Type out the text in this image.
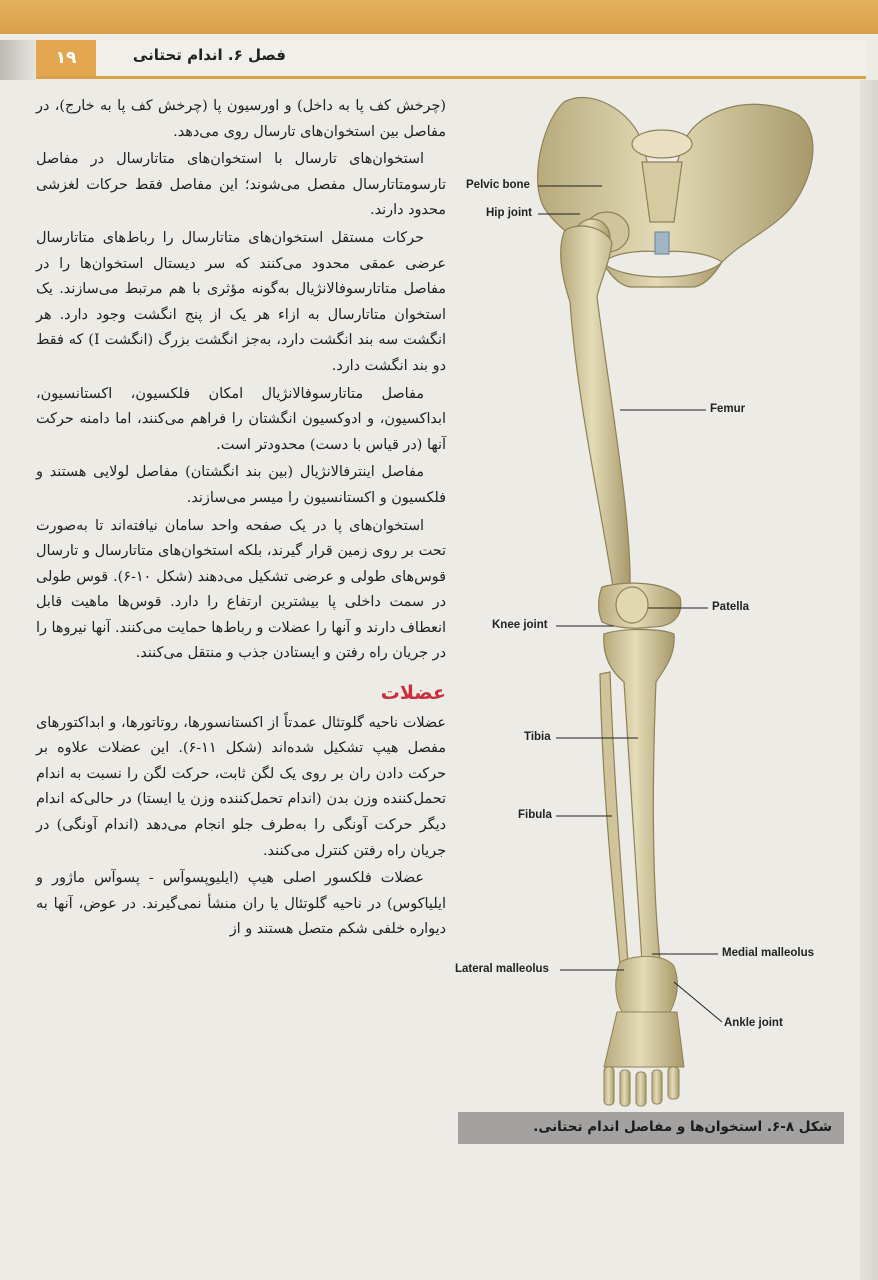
۱۹	فصل ۶. اندام تحتانی

(چرخش کف پا به داخل) و اورسیون پا (چرخش کف پا به خارج)، در مفاصل بین استخوان‌های تارسال روی می‌دهد.

استخوان‌های تارسال با استخوان‌های متاتارسال در مفاصل تارسومتاتارسال مفصل می‌شوند؛ این مفاصل فقط حرکات لغزشی محدود دارند.

حرکات مستقل استخوان‌های متاتارسال را رباط‌های متاتارسال عرضی عمقی محدود می‌کنند که سر دیستال استخوان‌ها را در مفاصل متاتارسوفالانژیال به‌گونه مؤثری با هم مرتبط می‌سازند. یک استخوان متاتارسال به ازاء هر یک از پنج انگشت وجود دارد. هر انگشت سه بند انگشت دارد، به‌جز انگشت بزرگ (انگشت I) که فقط دو بند انگشت دارد.

مفاصل متاتارسوفالانژیال امکان فلکسیون، اکستانسیون، ابداکسیون، و ادوکسیون انگشتان را فراهم می‌کنند، اما دامنه حرکت آنها (در قیاس با دست) محدودتر است.

مفاصل اینترفالانژیال (بین بند انگشتان) مفاصل لولایی هستند و فلکسیون و اکستانسیون را میسر می‌سازند.

استخوان‌های پا در یک صفحه واحد سامان نیافته‌اند تا به‌صورت تحت بر روی زمین قرار گیرند، بلکه استخوان‌های متاتارسال و تارسال قوس‌های طولی و عرضی تشکیل می‌دهند (شکل ۱۰-۶). قوس طولی در سمت داخلی پا بیشترین ارتفاع را دارد. قوس‌ها ماهیت قابل انعطاف دارند و آنها را عضلات و رباط‌ها حمایت می‌کنند. آنها نیروها را در جریان راه رفتن و ایستادن جذب و منتقل می‌کنند.

عضلات

عضلات ناحیه گلوتئال عمدتاً از اکستانسورها، روتاتورها، و ابداکتورهای مفصل هیپ تشکیل شده‌اند (شکل ۱۱-۶). این عضلات علاوه بر حرکت دادن ران بر روی یک لگن ثابت، حرکت لگن را نسبت به اندام تحمل‌کننده وزن بدن (اندام تحمل‌کننده وزن یا ایستا) در حالی‌که اندام دیگر حرکت آونگی را به‌طرف جلو انجام می‌دهد (اندام آونگی) در جریان راه رفتن کنترل می‌کنند.

عضلات فلکسور اصلی هیپ (ایلیوپسوآس - پسوآس ماژور و ایلیاکوس) در ناحیه گلوتئال یا ران منشأ نمی‌گیرند. در عوض، آنها به دیواره خلفی شکم متصل هستند و از

Pelvic bone
Hip joint
Femur
Patella
Knee joint
Tibia
Fibula
Medial malleolus
Lateral malleolus
Ankle joint
شکل ۸-۶. استخوان‌ها و مفاصل اندام تحتانی.
